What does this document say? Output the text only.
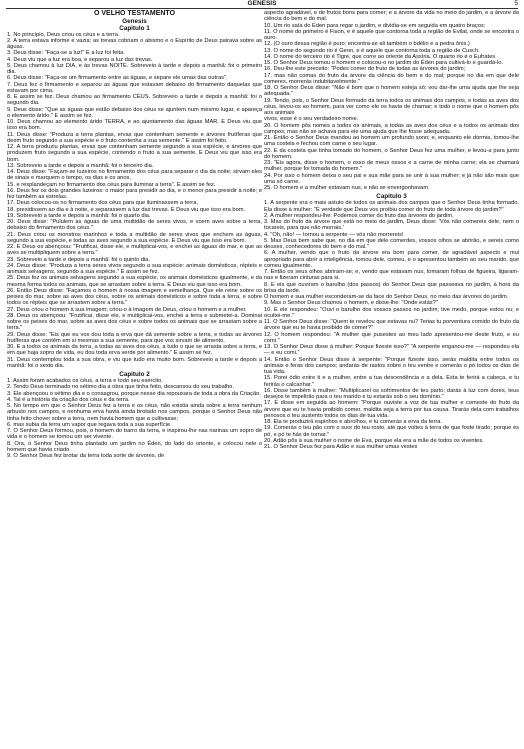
GENESIS	5

O VELHO TESTAMENTO

Genesis

Capitulo 1

1. No princípio, Deus criou os céus e a terra.

2. A terra estava informe e vazia; as trevas cobriam o abismo e o Espírito de Deus pairava sobre as águas.

3. Deus disse: "Faça-se a luz!" E a luz foi feita.

4. Deus viu que a luz era boa, e separou a luz das trevas.

5. Deus chamou à luz DIA, e às trevas NOITE. Sobreveio à tarde e depois a manhã: foi o primeiro dia.

6. Deus disse: "Faça-se um firmamento entre as águas, e separe ele umas das outras".

7. Deus fez o firmamento e separou as águas que estavam debaixo do firmamento daquelas que estavam por cima.

8. E assim se fez. Deus chamou ao firmamento CÉUS. Sobreveio a tarde e depois a manhã: foi o segundo dia.

9. Deus disse: "Que as águas que estão debaixo dos céus se ajuntem num mesmo lugar, e apareça o elemento árido." E assim se fez.

10. Deus chamou ao elemento árido TERRA, e ao ajuntamento das águas MAR. E Deus viu que isso era bom.

11. Deus disse: "Produza a terra plantas, ervas que contenham semente e árvores frutíferas que deem fruto segundo a sua espécie e o fruto contenha a sua semente." E assim foi feito.

12. A terra produziu plantas, ervas que contenham semente segundo a sua espécie, e árvores que produzem fruto segundo a sua espécie, contendo o fruto a sua semente. E Deus viu que isso era bom.

13. Sobreveio a tarde e depois a manhã: foi o terceiro dia.

14. Deus disse: "Façam-se luzeiros no firmamento dos céus para separar o dia da noite; sirvam eles de sinais e marquem o tempo, os dias e os anos,

15. e resplandeçam no firmamento dos céus para iluminar a terra". E assim se fez.

16. Deus fez os dois grandes luzeiros: o maior para presidir ao dia, e o menor para presidir à noite; e fez também as estrelas.

17. Deus colocou-os no firmamento dos céus para que iluminassem a terra,

18. presidissem ao dia e à noite, e separassem a luz das trevas. E Deus viu que isso era bom.

19. Sobreveio a tarde e depois a manhã: foi o quarto dia.

20. Deus disse: "Pululem as águas de uma multidão de seres vivos, e voem aves sobre a terra, debaixo do firmamento dos céus."

21. Deus criou os monstros marinhos e toda a multidão de seres vivos que enchem as águas, segundo a sua espécie, e todas as aves segundo a sua espécie. E Deus viu que isso era bom.

22. E Deus os abençoou: "Frutificai, disse ele, e multiplicai-vos, e enchei as águas do mar, e que as aves se multipliquem sobre a terra."

23. Sobreveio a tarde e depois a manhã: foi o quinto dia.

24. Deus disse: "Produza a terra seres vivos segundo a sua espécie: animais domésticos, répteis e animais selvagens, segundo a sua espécie." E assim se fez.

25. Deus fez os animais selvagens segundo a sua espécie, os animais domésticos igualmente, e da mesma forma todos os animais, que se arrastam sobre a terra. E Deus viu que isso era bom.

26. Então Deus disse: "Façamos o homem à nossa imagem e semelhança. Que ele reine sobre os peixes do mar, sobre as aves dos céus, sobre os animais domésticos e sobre toda a terra, e sobre todos os répteis que se arrastem sobre a terra."

27. Deus criou o homem à sua imagem; criou-o à imagem de Deus, criou o homem e a mulher.

28. Deus os abençoou: "Frutificai, disse ele, e multiplicai-vos, enchei a terra e submetei-a. Dominai sobre os peixes do mar, sobre as aves dos céus e sobre todos os animais que se arrastam sobre a terra."

29. Deus disse: "Eis que eu vos dou toda a erva que dá semente sobre a terra, e todas as árvores frutíferas que contêm em si mesmas a sua semente, para que vos sirvam de alimento.

30. E a todos os animais da terra, a todas as aves dos céus, a tudo o que se arrasta sobre a terra, e em que haja sopro de vida, eu dou toda erva verde por alimento." E assim se fez.

31. Deus contemplou toda a sua obra, e viu que tudo era muito bom. Sobreveio a tarde e depois a manhã: foi o sexto dia.

Capitulo 2

1. Assim foram acabados os céus, a terra e todo seu exército.

2. Tendo Deus terminado no sétimo dia a obra que tinha feito, descansou do seu trabalho.

3. Ele abençoou o sétimo dia e o consagrou, porque nesse dia repousara de toda a obra da Criação.

4. Tal é a história da criação dos céus e da terra.

5. No tempo em que o Senhor Deus fez a terra e os céus, não existia ainda sobre a terra nenhum arbusto nos campos, e nenhuma erva havia ainda brotado nos campos, porque o Senhor Deus não tinha feito chover sobre a terra, nem havia homem que a cultivasse;

6. mas subia da terra um vapor que regava toda a sua superfície.

7. O Senhor Deus formou, pois, o homem do barro da terra, e inspirou-lhe nas narinas um sopro de vida e o homem se tornou um ser vivente.

8. Ora, o Senhor Deus tinha plantado um jardim no Éden, do lado do oriente, e colocou nele o homem que havia criado.

9. O Senhor Deus fez brotar da terra toda sorte de árvores, de

aspecto agradável, e de frutos bons para comer; e a árvore da vida no meio do jardim, e a árvore da ciência do bem e do mal.

10. Um rio saía do Éden para regar o jardim, e dividia-se em seguida em quatro braços:

11. O nome do primeiro é Fison, e é aquele que contorna toda a região de Evilat, onde se encontra o ouro.

12. (O ouro dessa região é puro; encontra-se ali também o bdélio e a pedra ônix.)

13. O nome do segundo rio é Geon, e é aquele que contorna toda a região de Cusch.

14. O nome do terceiro rio é Tigre, que corre ao oriente da Assíria. O quarto rio é o Eufrates.

15. O Senhor Deus tomou o homem e colocou-o no jardim do Éden para cultivá-lo e guardá-lo.

16. Deu-lhe este preceito: "Podes comer do fruto de todas as árvores do jardim;

17. mas não comas do fruto da árvore da ciência do bem e do mal; porque no dia em que dele comeres, morrerás indubitavelmente."

18. O Senhor Deus disse: "Não é bom que o homem esteja só; vou dar-lhe uma ajuda que lhe seja adequada."

19. Tendo, pois, o Senhor Deus formado da terra todos os animais dos campos, e todas as aves dos céus, levou-os ao homem, para ver como ele os havia de chamar; e todo o nome que o homem pôs aos animais

vivos, esse é o seu verdadeiro nome.

20. O homem pôs nomes a todos os animais, a todas as aves dos céus e a todos os animais dos campos; mas não se achava para ele uma ajuda que lhe fosse adequada.

21. Então o Senhor Deus mandou ao homem um profundo sono; e, enquanto ele dormia, tomou-lhe uma costela e fechou com carne o seu lugar.

22. E da costela que tinha tomado do homem, o Senhor Deus fez uma mulher, e levou-a para junto do homem.

23. "Eis agora, disse o homem, o osso de meus ossos e a carne de minha carne; ela se chamará mulher, porque foi tomada do homem."

24. Por isso o homem deixa o seu pai e sua mãe para se unir à sua mulher; e já não são mais que uma só carne.

25. O homem e a mulher estavam nus, e não se envergonhavam.

Capitulo 3

1. A serpente era o mais astuto de todos os animais dos campos que o Senhor Deus tinha formado. Ela disse à mulher: "É verdade que Deus vos proibiu comer do fruto de toda árvore do jardim?"

2. A mulher respondeu-lhe: Podemos comer do fruto das árvores do jardim.

3. Mas do fruto da árvore que está no meio do jardim, Deus disse: 'Vós não comereis dele, nem o tocareis, para que não morrais.'

4. "Oh, não! — tornou a serpente — vós não morrereis!

5. Mas Deus bem sabe que, no dia em que dele comerdes, vossos olhos se abrirão, e sereis como deuses, conhecedores do bem e do mal."

6. A mulher, vendo que o fruto da árvore era bom para comer, de agradável aspecto e mui apropriado para abrir a inteligência, tomou dele, comeu, e o apresentou também ao seu marido, que comeu igualmente.

7. Então os seus olhos abriram-se; e, vendo que estavam nus, tomaram folhas de figueira, ligaram-nas e fizeram cinturas para si.

8. E eis que ouviram o barulho (dos passos) do Senhor Deus que passeava no jardim, à hora da brisa da tarde.

O homem e sua mulher esconderam-se da face do Senhor Deus, no meio das árvores do jardim.

9. Mas o Senhor Deus chamou o homem, e disse-lhe: "Onde estás?"

10. E ele respondeu: "Ouvi o barulho dos vossos passos no jardim; tive medo, porque estou nu; e ocultei-me."

11. O Senhor Deus disse: "Quem te revelou que estavas nu? Terias tu porventura comido do fruto da árvore que eu te havia proibido de comer?"

12. O homem respondeu: "A mulher que pusestes ao meu lado apresentou-me deste fruto, e eu comi."

13. O Senhor Deus disse à mulher: Porque fizeste isso?" "A serpente enganou-me — respondeu ela — e eu comi."

14. Então o Senhor Deus disse à serpente: "Porque fizeste isso, serás maldita entre todos os animais e feras dos campos; andarás de rastos sobre o teu ventre e comerás o pó todos os dias de tua vida.

15. Porei ódio entre ti e a mulher, entre a tua descendência e a dela. Esta te ferirá a cabeça, e tu ferirás o calcanhar."

16. Disse também à mulher: "Multiplicarei os sofrimentos de teu parto; darás à luz com dores, teus desejos te impelirão para o teu marido e tu estarás sob o seu domínio."

17. E disse em seguida ao homem: "Porque ouviste a voz de tua mulher e comeste do fruto da árvore que eu te havia proibido comer, maldita seja a terra por tua causa. Tirarás dela com trabalhos penosos o teu sustento todos os dias de tua vida.

18. Ela te produzirá espinhos e abrolhos, e tu comerás a erva da terra.

19. Comerás o teu pão com o suor do teu rosto, até que voltes à terra de que foste tirado; porque és pó, e pó te hás de tornar."

20. Adão pôs à sua mulher o nome de Eva, porque ela era a mãe de todos os viventes.

21. O Senhor Deus fez para Adão e sua mulher umas vestes
